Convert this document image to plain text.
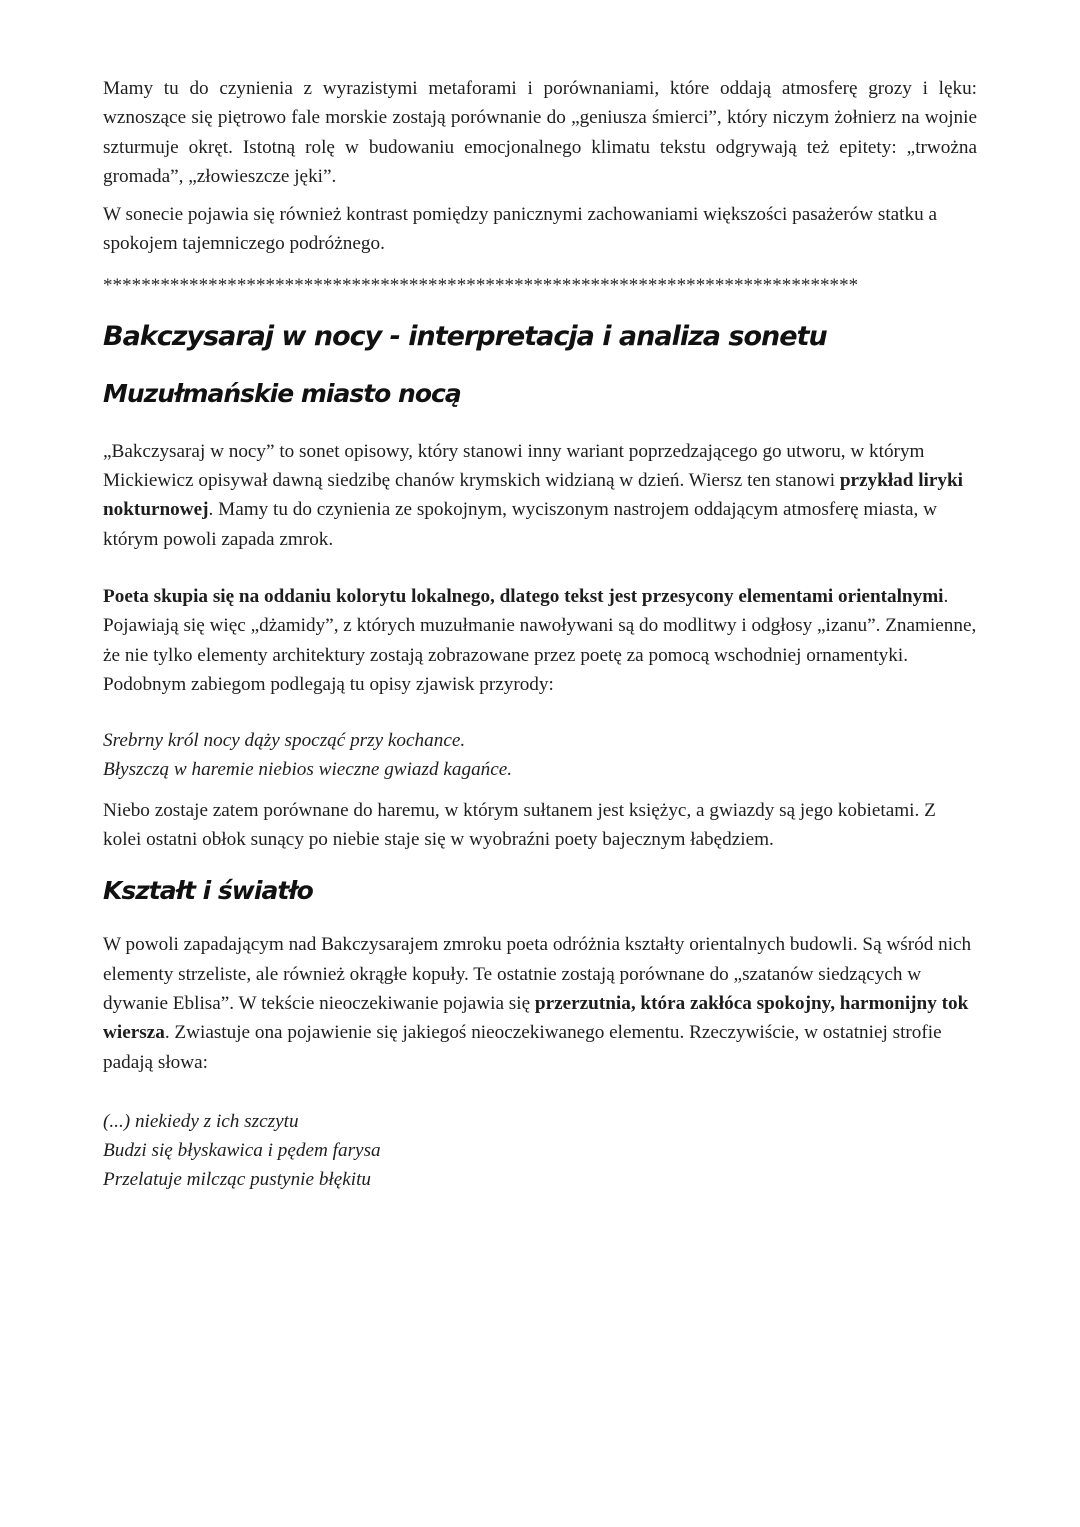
Mamy tu do czynienia z wyrazistymi metaforami i porównaniami, które oddają atmosferę grozy i lęku: wznoszące się piętrowo fale morskie zostają porównanie do „geniusza śmierci”, który niczym żołnierz na wojnie szturmuje okręt. Istotną rolę w budowaniu emocjonalnego klimatu tekstu odgrywają też epitety: „trwożna gromada”, „złowieszcze jęki”.

W sonecie pojawia się również kontrast pomiędzy panicznymi zachowaniami większości pasażerów statku a spokojem tajemniczego podróżnego.

*******************************************************************************
Bakczysaraj w nocy - interpretacja i analiza sonetu
Muzułmańskie miasto nocą

„Bakczysaraj w nocy” to sonet opisowy, który stanowi inny wariant poprzedzającego go utworu, w którym Mickiewicz opisywał dawną siedzibę chanów krymskich widzianą w dzień. Wiersz ten stanowi przykład liryki nokturnowej. Mamy tu do czynienia ze spokojnym, wyciszonym nastrojem oddającym atmosferę miasta, w którym powoli zapada zmrok.

Poeta skupia się na oddaniu kolorytu lokalnego, dlatego tekst jest przesycony elementami orientalnymi. Pojawiają się więc „dżamidy”, z których muzułmanie nawoływani są do modlitwy i odgłosy „izanu”. Znamienne, że nie tylko elementy architektury zostają zobrazowane przez poetę za pomocą wschodniej ornamentyki. Podobnym zabiegom podlegają tu opisy zjawisk przyrody:

Srebrny król nocy dąży spocząć przy kochance.

Błyszczą w haremie niebios wieczne gwiazd kagańce.

Niebo zostaje zatem porównane do haremu, w którym sułtanem jest księżyc, a gwiazdy są jego kobietami. Z kolei ostatni obłok sunący po niebie staje się w wyobraźni poety bajecznym łabędziem.

Kształt i światło

W powoli zapadającym nad Bakczysarajem zmroku poeta odróżnia kształty orientalnych budowli. Są wśród nich elementy strzeliste, ale również okrągłe kopuły. Te ostatnie zostają porównane do „szatanów siedzących w dywanie Eblisa”. W tekście nieoczekiwanie pojawia się przerzutnia, która zakłóca spokojny, harmonijny tok wiersza. Zwiastuje ona pojawienie się jakiegoś nieoczekiwanego elementu. Rzeczywiście, w ostatniej strofie padają słowa:

(...) niekiedy z ich szczytu

Budzi się błyskawica i pędem farysa

Przelatuje milcząc pustynie błękitu
